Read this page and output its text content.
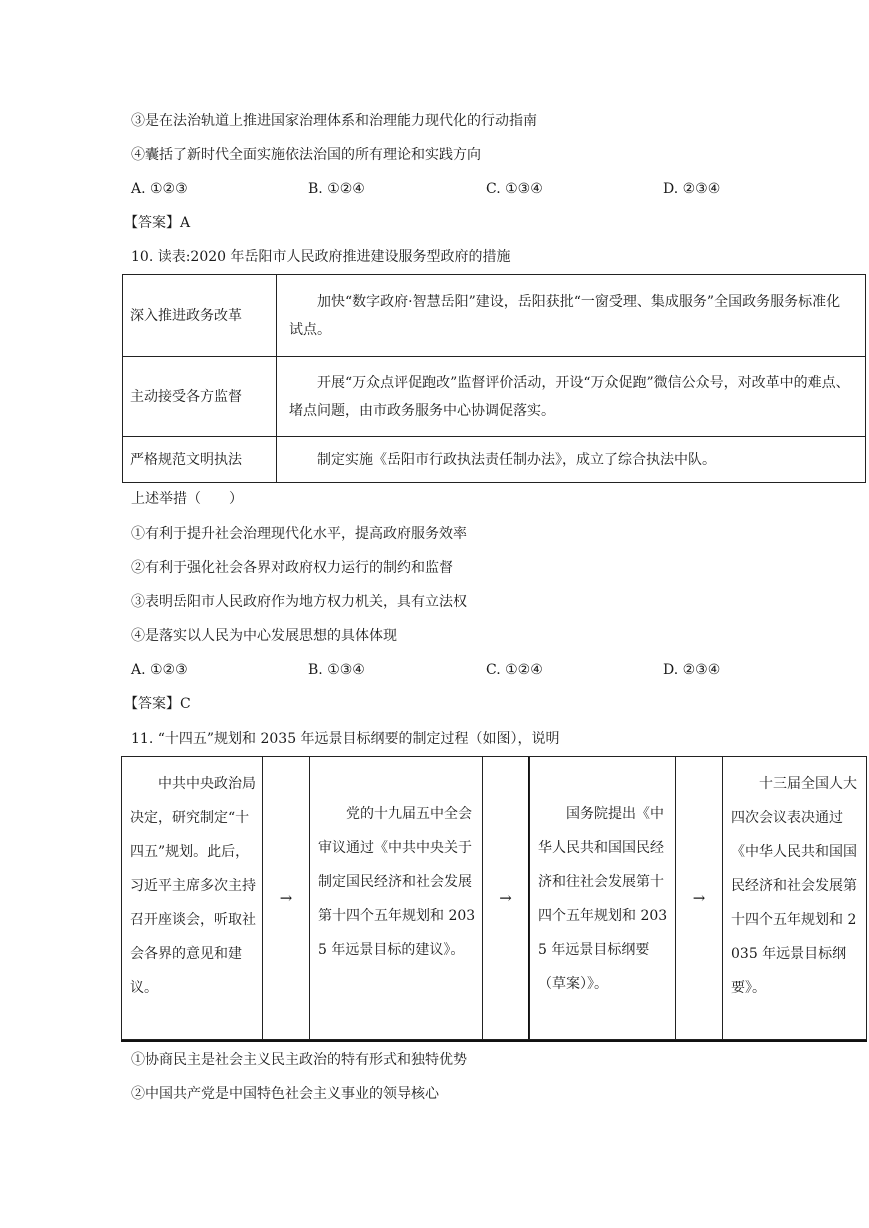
③是在法治轨道上推进国家治理体系和治理能力现代化的行动指南
④囊括了新时代全面实施依法治国的所有理论和实践方向
A. ①②③	B. ①②④	C. ①③④	D. ②③④
【答案】A
10. 读表:2020 年岳阳市人民政府推进建设服务型政府的措施
深入推进政务改革	加快“数字政府·智慧岳阳”建设，岳阳获批“一窗受理、集成服务”全国政务服务标准化试点。
主动接受各方监督	开展“万众点评促跑改”监督评价活动，开设“万众促跑”微信公众号，对改革中的难点、堵点问题，由市政务服务中心协调促落实。
严格规范文明执法	制定实施《岳阳市行政执法责任制办法》，成立了综合执法中队。
上述举措（　　）
①有利于提升社会治理现代化水平，提高政府服务效率
②有利于强化社会各界对政府权力运行的制约和监督
③表明岳阳市人民政府作为地方权力机关，具有立法权
④是落实以人民为中心发展思想的具体体现
A. ①②③	B. ①③④	C. ①②④	D. ②③④
【答案】C
11. “十四五”规划和 2035 年远景目标纲要的制定过程（如图），说明
中共中央政治局决定，研究制定“十四五”规划。此后，习近平主席多次主持召开座谈会，听取社会各界的意见和建议。
→
党的十九届五中全会审议通过《中共中央关于制定国民经济和社会发展第十四个五年规划和 2035 年远景目标的建议》。
→
国务院提出《中华人民共和国国民经济和往社会发展第十四个五年规划和 2035 年远景目标纲要（草案）》。
→
十三届全国人大四次会议表决通过《中华人民共和国国民经济和社会发展第十四个五年规划和 2035 年远景目标纲要》。
①协商民主是社会主义民主政治的特有形式和独特优势
②中国共产党是中国特色社会主义事业的领导核心
